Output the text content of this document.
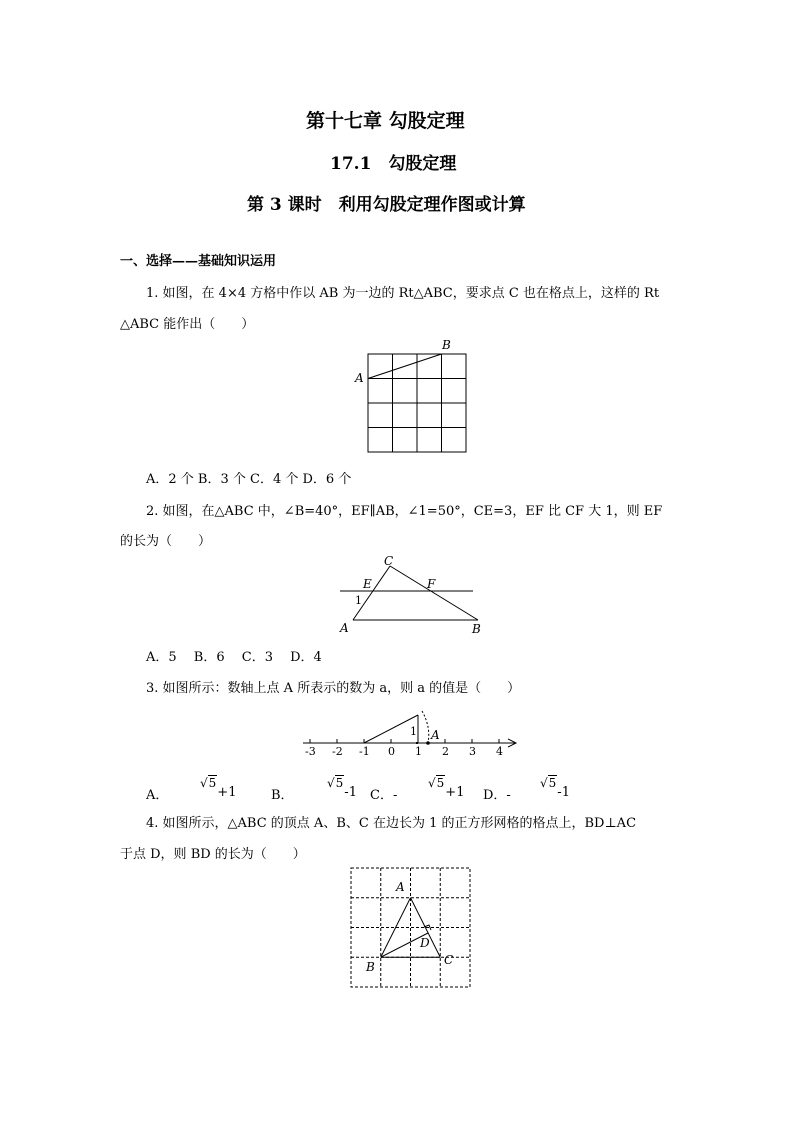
第十七章 勾股定理
17.1　勾股定理
第 3 课时　利用勾股定理作图或计算
一、选择——基础知识运用
1. 如图，在 4×4 方格中作以 AB 为一边的 Rt△ABC，要求点 C 也在格点上，这样的 Rt
△ABC 能作出（　　）
A
B
A．2 个 B．3 个 C．4 个 D．6 个
2. 如图，在△ABC 中，∠B=40°，EF∥AB，∠1=50°，CE=3，EF 比 CF 大 1，则 EF
的长为（　　）
C
E	F
1
A	B
A．5　 B．6　 C．3　 D．4
3. 如图所示：数轴上点 A 所表示的数为 a，则 a 的值是（　　）
1 A
-3 -2 -1 0 1 2 3 4
A．
√5+1	B．
√5-1 C．-
√5+1 D．-
√5-1
4. 如图所示，△ABC 的顶点 A、B、C 在边长为 1 的正方形网格的格点上，BD⊥AC
于点 D，则 BD 的长为（　　）
A
D
B	C
